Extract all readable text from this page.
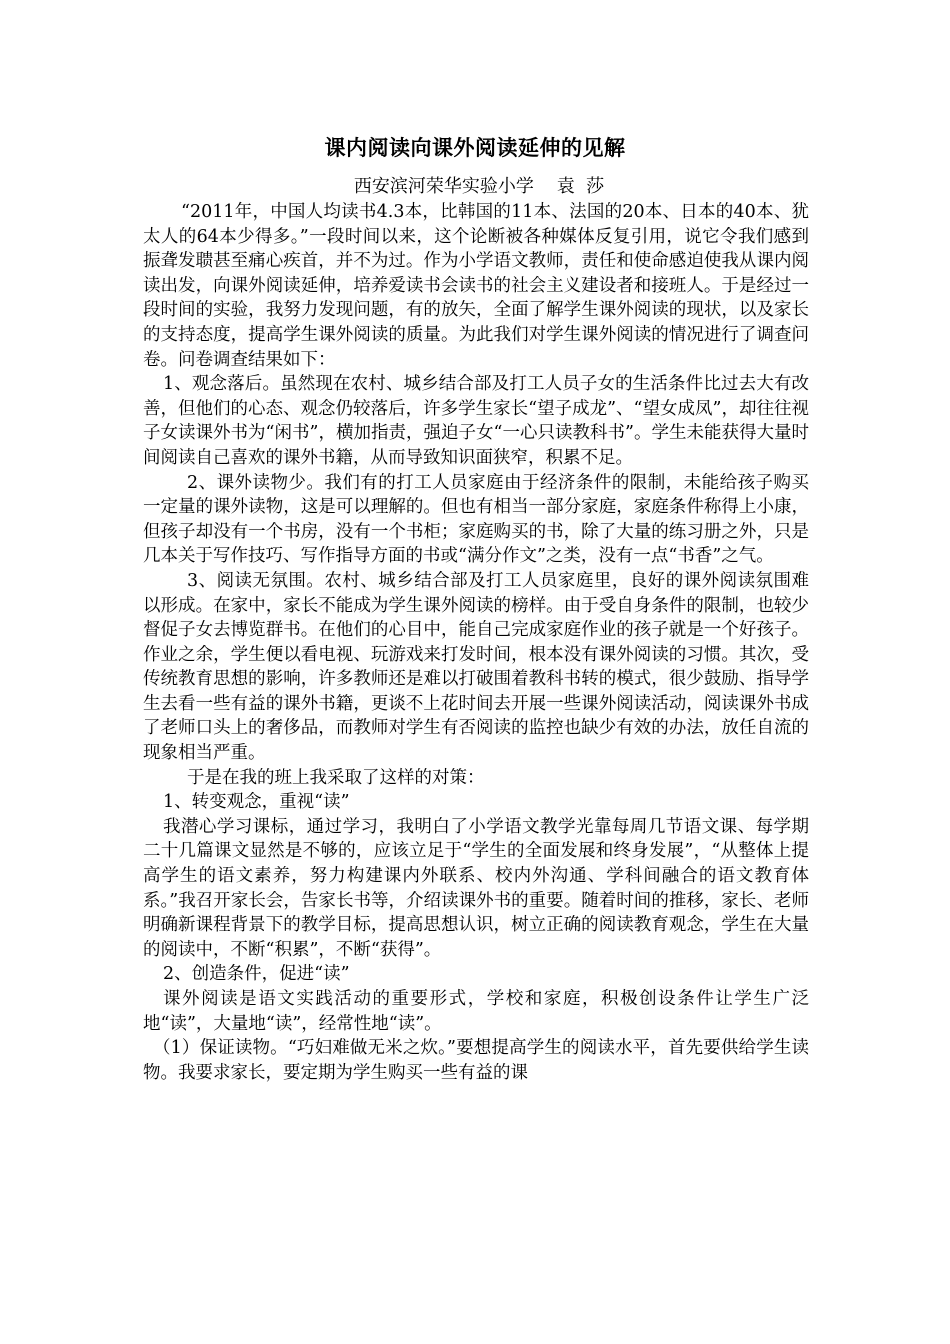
课内阅读向课外阅读延伸的见解
西安滨河荣华实验小学    袁  莎

“2011年，中国人均读书4.3本，比韩国的11本、法国的20本、日本的40本、犹太人的64本少得多。”一段时间以来，这个论断被各种媒体反复引用，说它令我们感到振聋发聩甚至痛心疾首，并不为过。作为小学语文教师，责任和使命感迫使我从课内阅读出发，向课外阅读延伸，培养爱读书会读书的社会主义建设者和接班人。于是经过一段时间的实验，我努力发现问题，有的放矢，全面了解学生课外阅读的现状，以及家长的支持态度，提高学生课外阅读的质量。为此我们对学生课外阅读的情况进行了调查问卷。问卷调查结果如下：

1、观念落后。虽然现在农村、城乡结合部及打工人员子女的生活条件比过去大有改善，但他们的心态、观念仍较落后，许多学生家长“望子成龙”、“望女成凤”，却往往视子女读课外书为“闲书”，横加指责，强迫子女“一心只读教科书”。学生未能获得大量时间阅读自己喜欢的课外书籍，从而导致知识面狭窄，积累不足。

2、课外读物少。我们有的打工人员家庭由于经济条件的限制，未能给孩子购买一定量的课外读物，这是可以理解的。但也有相当一部分家庭，家庭条件称得上小康，但孩子却没有一个书房，没有一个书柜；家庭购买的书，除了大量的练习册之外，只是几本关于写作技巧、写作指导方面的书或“满分作文”之类，没有一点“书香”之气。

3、阅读无氛围。农村、城乡结合部及打工人员家庭里，良好的课外阅读氛围难以形成。在家中，家长不能成为学生课外阅读的榜样。由于受自身条件的限制，也较少督促子女去博览群书。在他们的心目中，能自己完成家庭作业的孩子就是一个好孩子。作业之余，学生便以看电视、玩游戏来打发时间，根本没有课外阅读的习惯。其次，受传统教育思想的影响，许多教师还是难以打破围着教科书转的模式，很少鼓励、指导学生去看一些有益的课外书籍，更谈不上花时间去开展一些课外阅读活动，阅读课外书成了老师口头上的奢侈品，而教师对学生有否阅读的监控也缺少有效的办法，放任自流的现象相当严重。

于是在我的班上我采取了这样的对策：

1、转变观念，重视“读”

我潜心学习课标，通过学习，我明白了小学语文教学光靠每周几节语文课、每学期二十几篇课文显然是不够的，应该立足于“学生的全面发展和终身发展”，“从整体上提高学生的语文素养，努力构建课内外联系、校内外沟通、学科间融合的语文教育体系。”我召开家长会，告家长书等，介绍读课外书的重要。随着时间的推移，家长、老师明确新课程背景下的教学目标，提高思想认识，树立正确的阅读教育观念，学生在大量的阅读中，不断“积累”，不断“获得”。

2、创造条件，促进“读”

课外阅读是语文实践活动的重要形式，学校和家庭，积极创设条件让学生广泛地“读”，大量地“读”，经常性地“读”。

（1）保证读物。“巧妇难做无米之炊。”要想提高学生的阅读水平，首先要供给学生读物。我要求家长，要定期为学生购买一些有益的课
